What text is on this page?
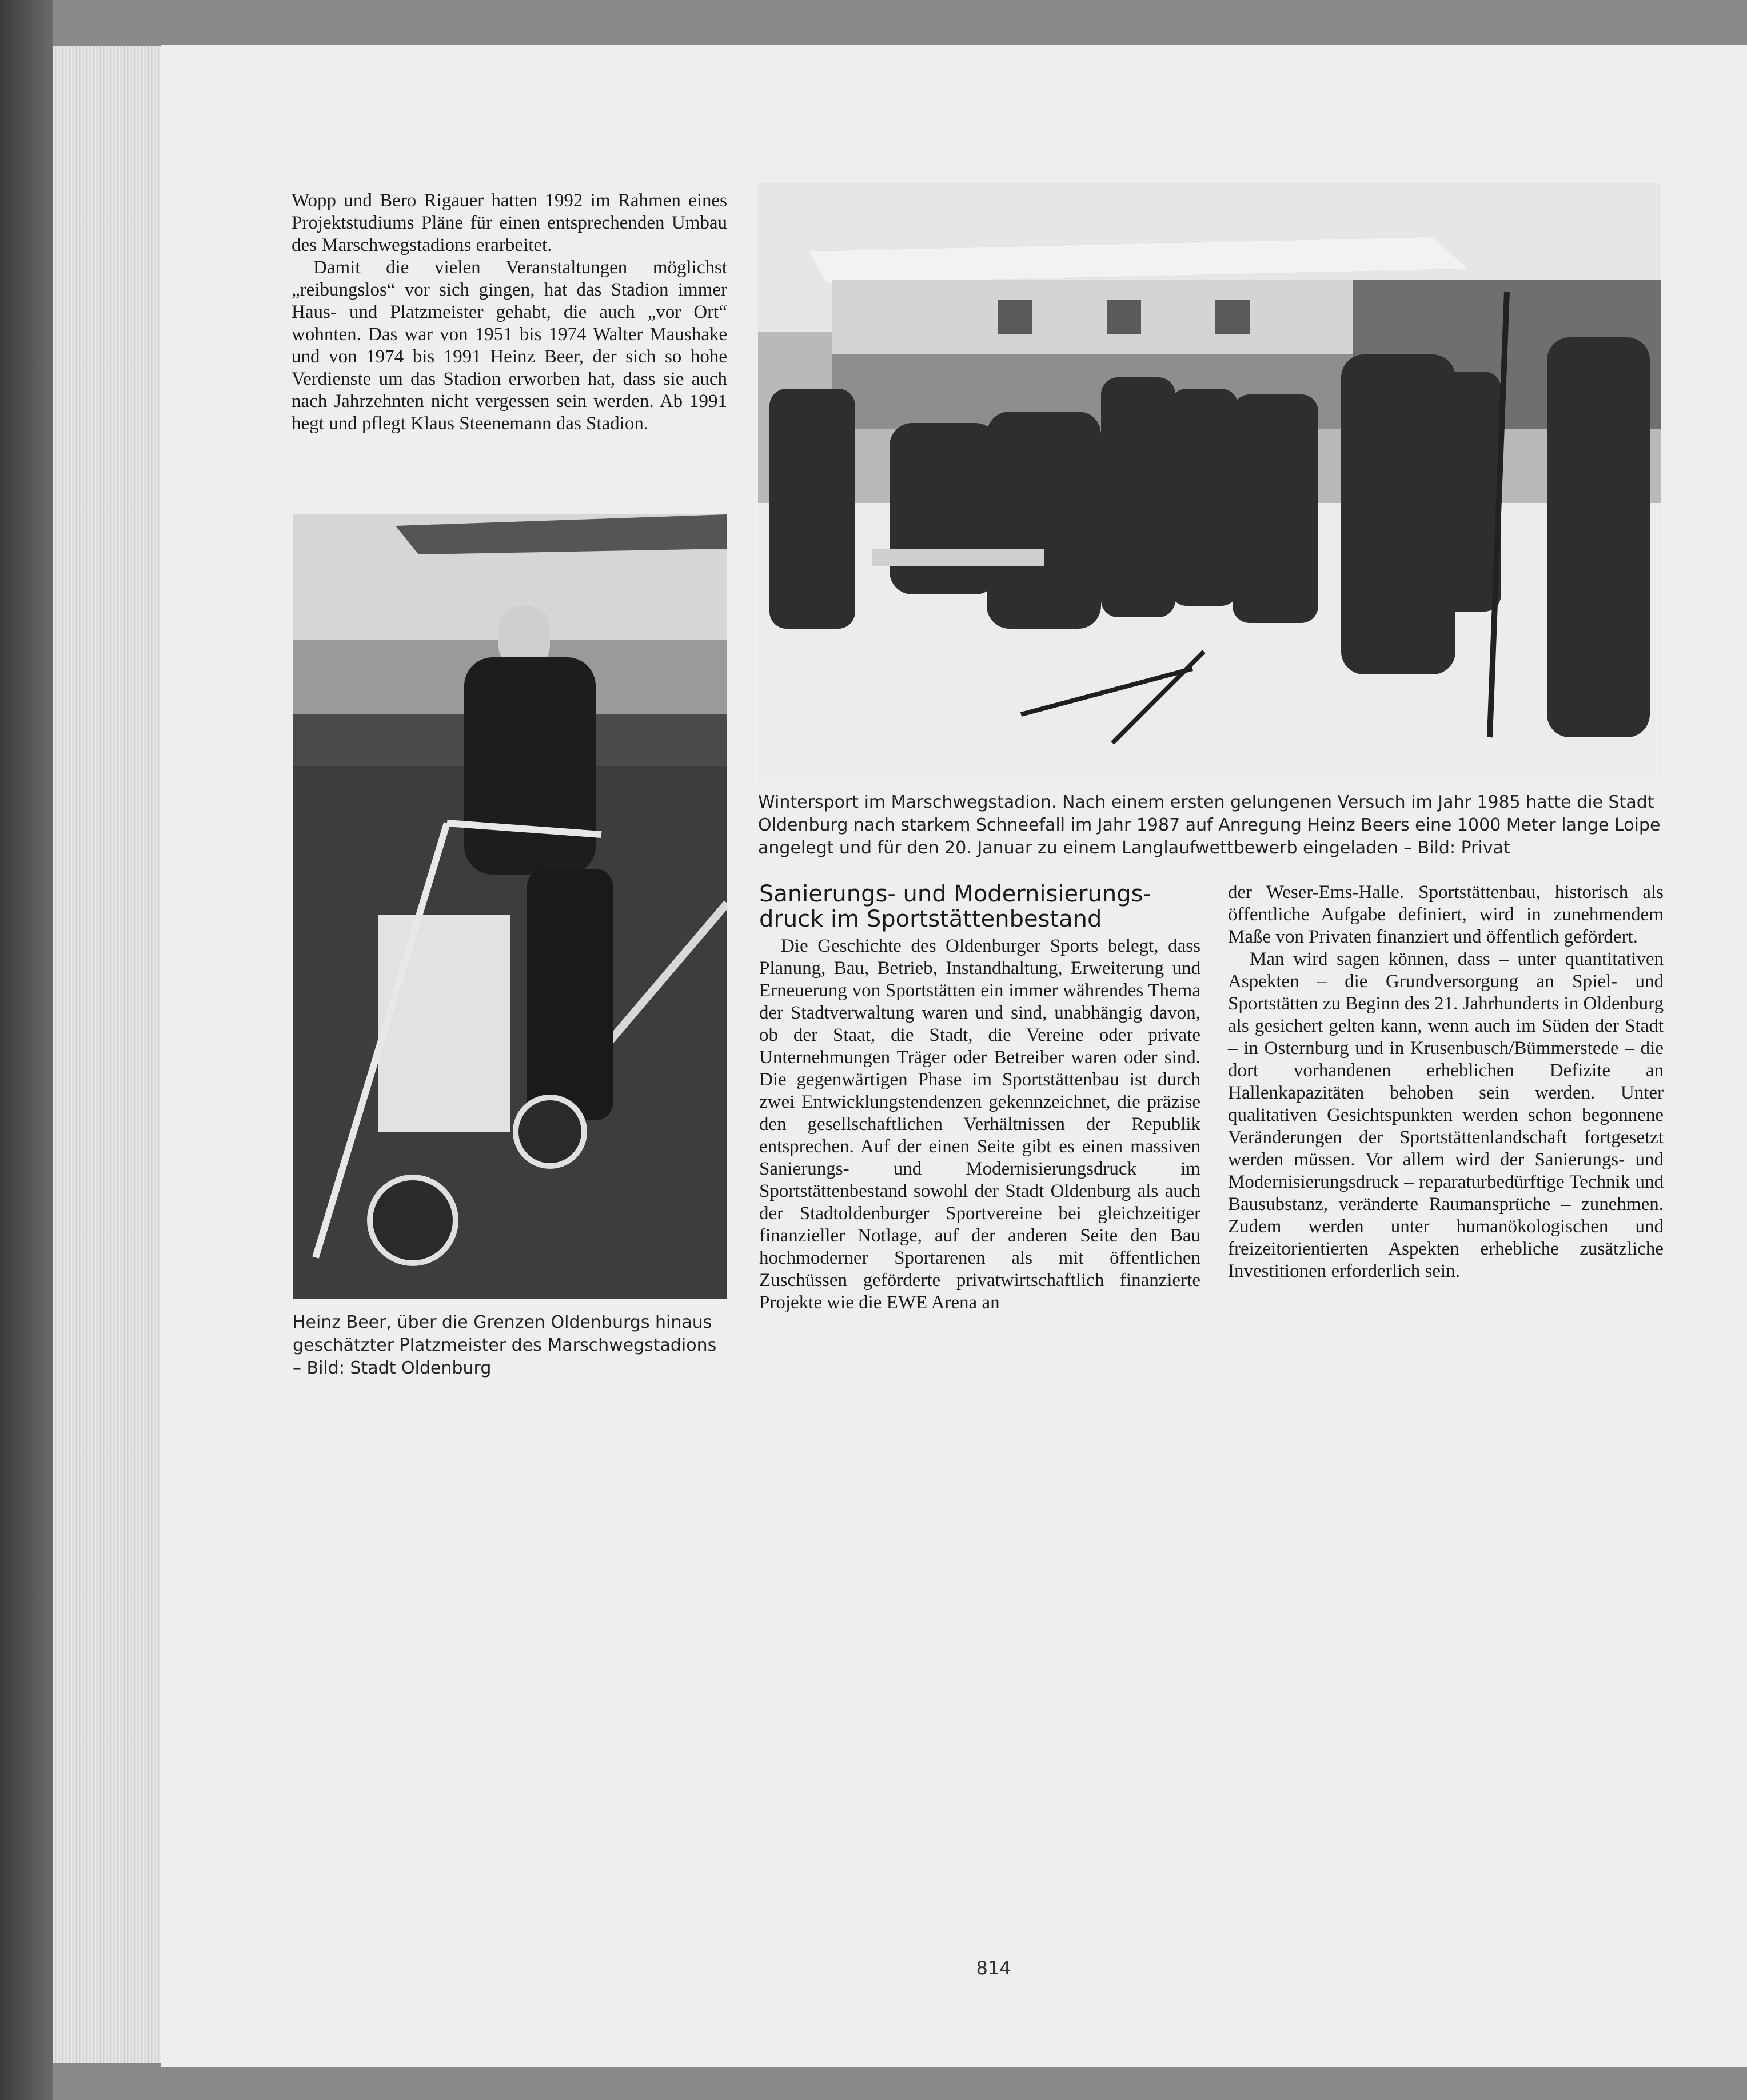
Wopp und Bero Rigauer hatten 1992 im Rahmen eines Projektstudiums Pläne für einen entsprechenden Umbau des Marschwegstadions erarbeitet.

Damit die vielen Veranstaltungen möglichst „reibungslos“ vor sich gingen, hat das Stadion immer Haus- und Platzmeister gehabt, die auch „vor Ort“ wohnten. Das war von 1951 bis 1974 Walter Maushake und von 1974 bis 1991 Heinz Beer, der sich so hohe Verdienste um das Stadion erworben hat, dass sie auch nach Jahrzehnten nicht vergessen sein werden. Ab 1991 hegt und pflegt Klaus Steenemann das Stadion.

Wintersport im Marschwegstadion. Nach einem ersten gelungenen Versuch im Jahr 1985 hatte die Stadt Oldenburg nach starkem Schneefall im Jahr 1987 auf Anregung Heinz Beers eine 1000 Meter lange Loipe angelegt und für den 20. Januar zu einem Langlaufwettbewerb eingeladen – Bild: Privat
Heinz Beer, über die Grenzen Oldenburgs hinaus geschätzter Platzmeister des Marschwegstadions – Bild: Stadt Oldenburg
Sanierungs- und Modernisierungs-
druck im Sportstättenbestand

Die Geschichte des Oldenburger Sports belegt, dass Planung, Bau, Betrieb, Instandhaltung, Erweiterung und Erneuerung von Sportstätten ein immer währendes Thema der Stadtverwaltung waren und sind, unabhängig davon, ob der Staat, die Stadt, die Vereine oder private Unternehmungen Träger oder Betreiber waren oder sind. Die gegenwärtigen Phase im Sportstättenbau ist durch zwei Entwicklungstendenzen gekennzeichnet, die präzise den gesellschaftlichen Verhältnissen der Republik entsprechen. Auf der einen Seite gibt es einen massiven Sanierungs- und Modernisierungsdruck im Sportstättenbestand sowohl der Stadt Oldenburg als auch der Stadtoldenburger Sportvereine bei gleichzeitiger finanzieller Notlage, auf der anderen Seite den Bau hochmoderner Sportarenen als mit öffentlichen Zuschüssen geförderte privatwirtschaftlich finanzierte Projekte wie die EWE Arena an

der Weser-Ems-Halle. Sportstättenbau, historisch als öffentliche Aufgabe definiert, wird in zunehmendem Maße von Privaten finanziert und öffentlich gefördert.

Man wird sagen können, dass – unter quantitativen Aspekten – die Grundversorgung an Spiel- und Sportstätten zu Beginn des 21. Jahrhunderts in Oldenburg als gesichert gelten kann, wenn auch im Süden der Stadt – in Osternburg und in Krusenbusch/Bümmerstede – die dort vorhandenen erheblichen Defizite an Hallenkapazitäten behoben sein werden. Unter qualitativen Gesichtspunkten werden schon begonnene Veränderungen der Sportstättenlandschaft fortgesetzt werden müssen. Vor allem wird der Sanierungs- und Modernisierungsdruck – reparaturbedürftige Technik und Bausubstanz, veränderte Raumansprüche – zunehmen. Zudem werden unter humanökologischen und freizeitorientierten Aspekten erhebliche zusätzliche Investitionen erforderlich sein.

814
